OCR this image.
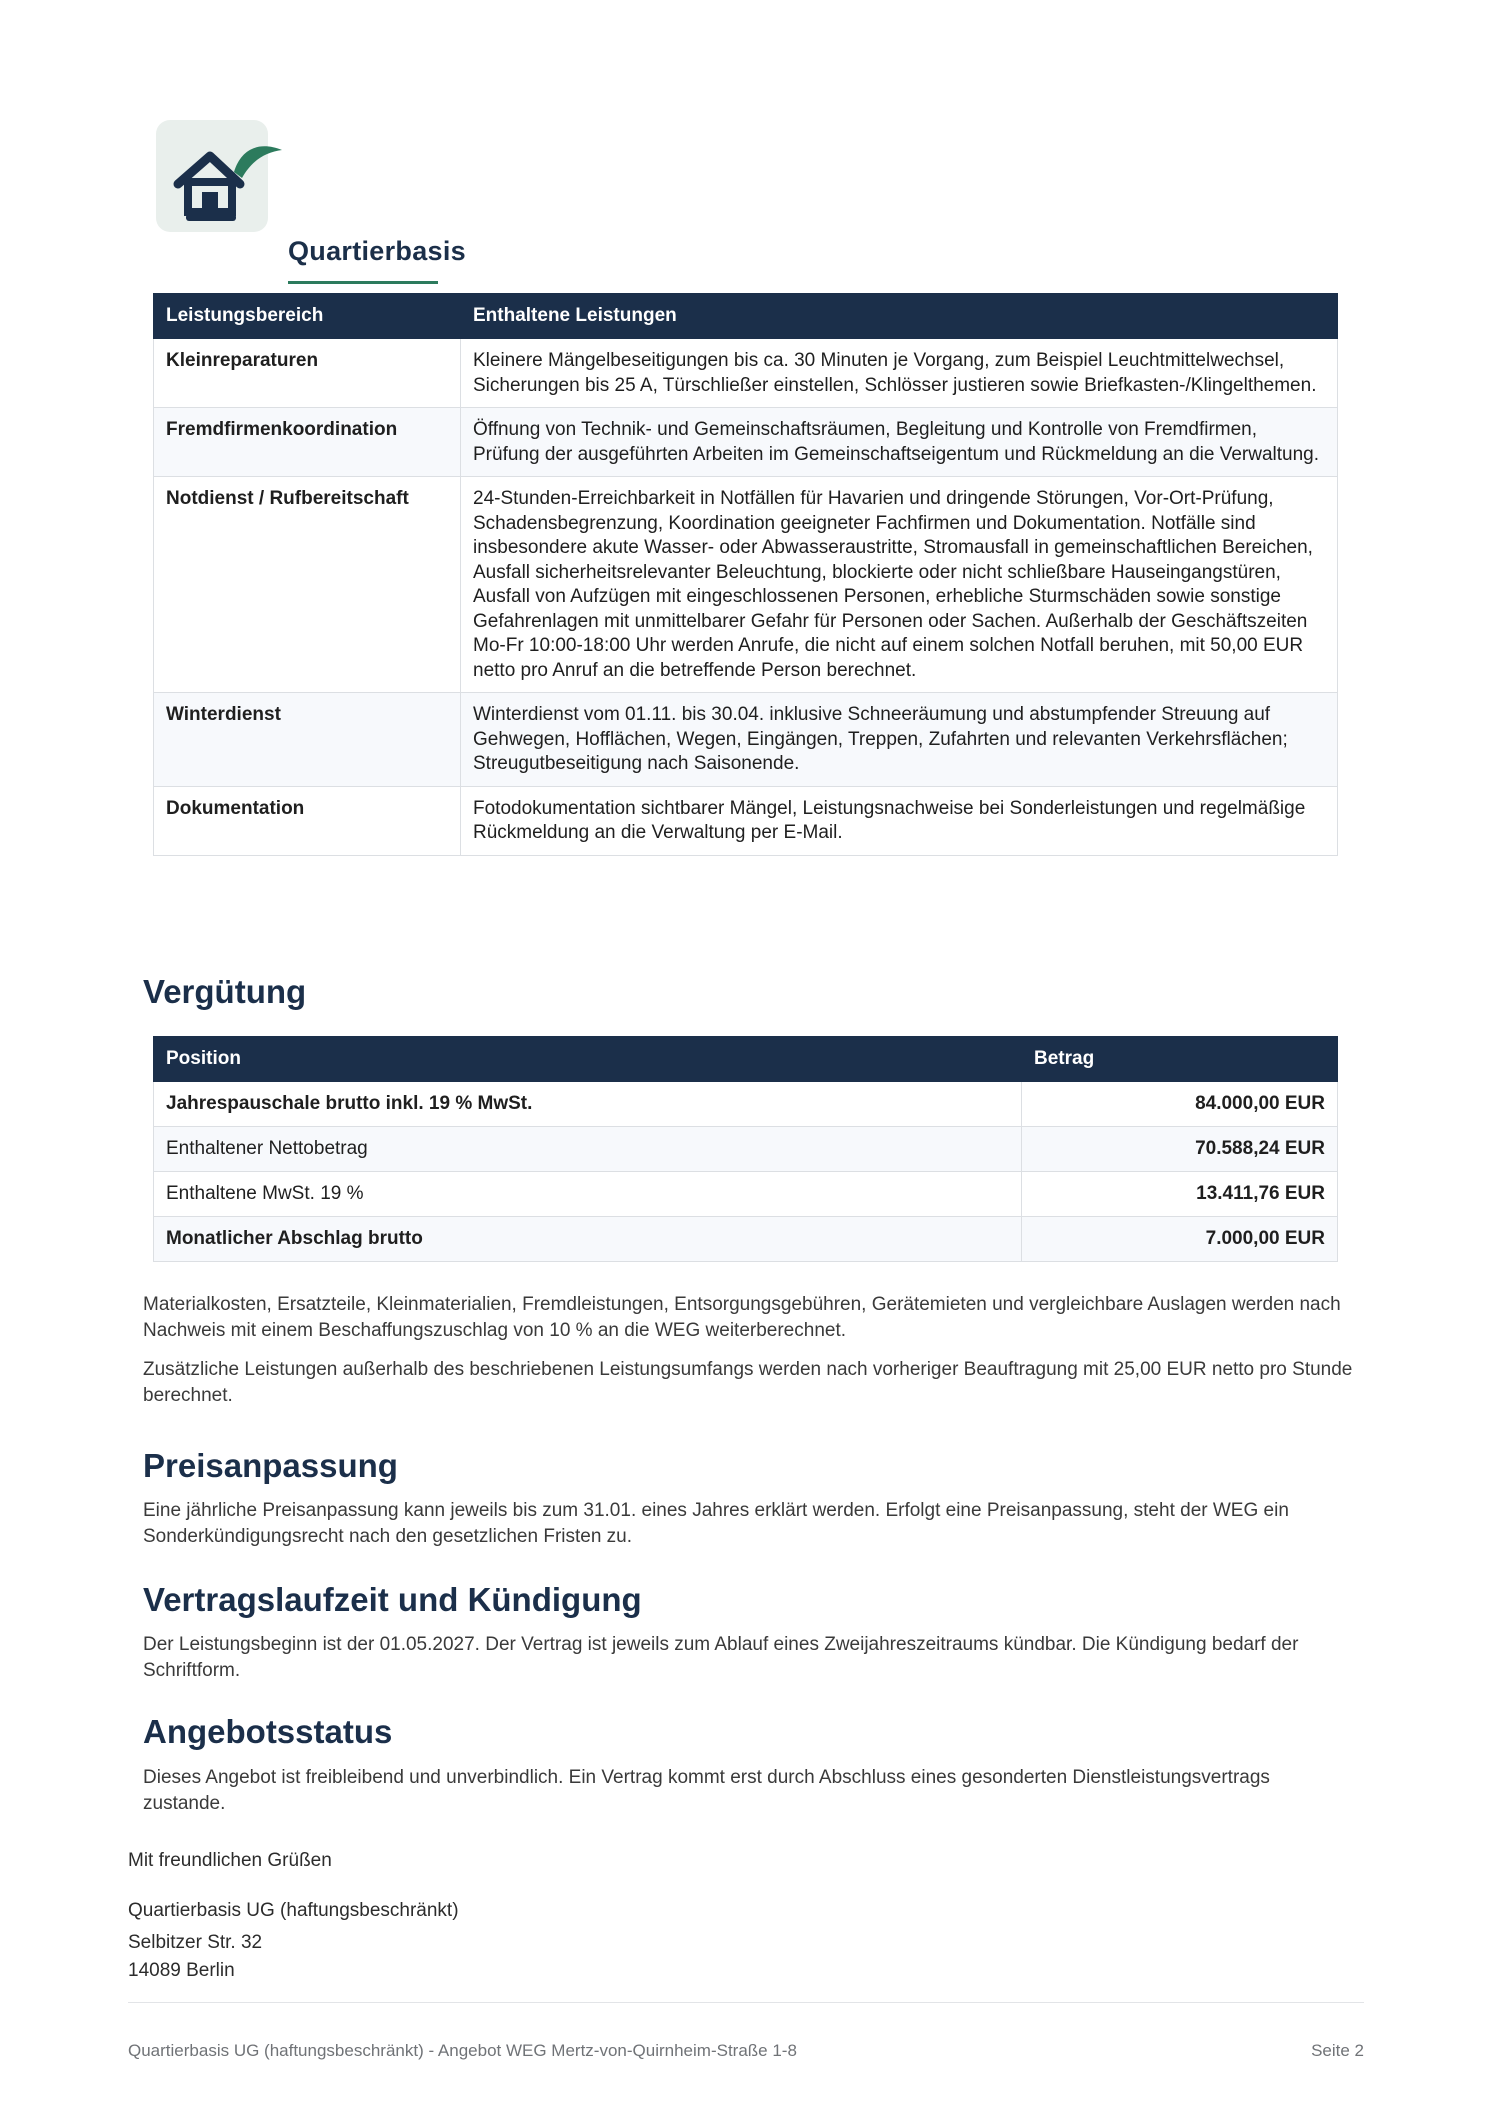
Quartierbasis
Leistungsbereich	Enthaltene Leistungen
Kleinreparaturen	Kleinere Mängelbeseitigungen bis ca. 30 Minuten je Vorgang, zum Beispiel Leuchtmittelwechsel, Sicherungen bis 25 A, Türschließer einstellen, Schlösser justieren sowie Briefkasten-/Klingelthemen.
Fremdfirmenkoordination	Öffnung von Technik- und Gemeinschaftsräumen, Begleitung und Kontrolle von Fremdfirmen, Prüfung der ausgeführten Arbeiten im Gemeinschaftseigentum und Rückmeldung an die Verwaltung.
Notdienst / Rufbereitschaft	24-Stunden-Erreichbarkeit in Notfällen für Havarien und dringende Störungen, Vor-Ort-Prüfung, Schadensbegrenzung, Koordination geeigneter Fachfirmen und Dokumentation. Notfälle sind insbesondere akute Wasser- oder Abwasseraustritte, Stromausfall in gemeinschaftlichen Bereichen, Ausfall sicherheitsrelevanter Beleuchtung, blockierte oder nicht schließbare Hauseingangstüren, Ausfall von Aufzügen mit eingeschlossenen Personen, erhebliche Sturmschäden sowie sonstige Gefahrenlagen mit unmittelbarer Gefahr für Personen oder Sachen. Außerhalb der Geschäftszeiten Mo-Fr 10:00-18:00 Uhr werden Anrufe, die nicht auf einem solchen Notfall beruhen, mit 50,00 EUR netto pro Anruf an die betreffende Person berechnet.
Winterdienst	Winterdienst vom 01.11. bis 30.04. inklusive Schneeräumung und abstumpfender Streuung auf Gehwegen, Hofflächen, Wegen, Eingängen, Treppen, Zufahrten und relevanten Verkehrsflächen; Streugutbeseitigung nach Saisonende.
Dokumentation	Fotodokumentation sichtbarer Mängel, Leistungsnachweise bei Sonderleistungen und regelmäßige Rückmeldung an die Verwaltung per E-Mail.
Vergütung
Position	Betrag
Jahrespauschale brutto inkl. 19 % MwSt.	84.000,00 EUR
Enthaltener Nettobetrag	70.588,24 EUR
Enthaltene MwSt. 19 %	13.411,76 EUR
Monatlicher Abschlag brutto	7.000,00 EUR

Materialkosten, Ersatzteile, Kleinmaterialien, Fremdleistungen, Entsorgungsgebühren, Gerätemieten und vergleichbare Auslagen werden nach Nachweis mit einem Beschaffungszuschlag von 10 % an die WEG weiterberechnet.

Zusätzliche Leistungen außerhalb des beschriebenen Leistungsumfangs werden nach vorheriger Beauftragung mit 25,00 EUR netto pro Stunde berechnet.

Preisanpassung

Eine jährliche Preisanpassung kann jeweils bis zum 31.01. eines Jahres erklärt werden. Erfolgt eine Preisanpassung, steht der WEG ein Sonderkündigungsrecht nach den gesetzlichen Fristen zu.

Vertragslaufzeit und Kündigung

Der Leistungsbeginn ist der 01.05.2027. Der Vertrag ist jeweils zum Ablauf eines Zweijahreszeitraums kündbar. Die Kündigung bedarf der Schriftform.

Angebotsstatus

Dieses Angebot ist freibleibend und unverbindlich. Ein Vertrag kommt erst durch Abschluss eines gesonderten Dienstleistungsvertrags zustande.

Mit freundlichen Grüßen

Quartierbasis UG (haftungsbeschränkt)

Selbitzer Str. 32

14089 Berlin

Quartierbasis UG (haftungsbeschränkt) - Angebot WEG Mertz-von-Quirnheim-Straße 1-8	Seite 2
